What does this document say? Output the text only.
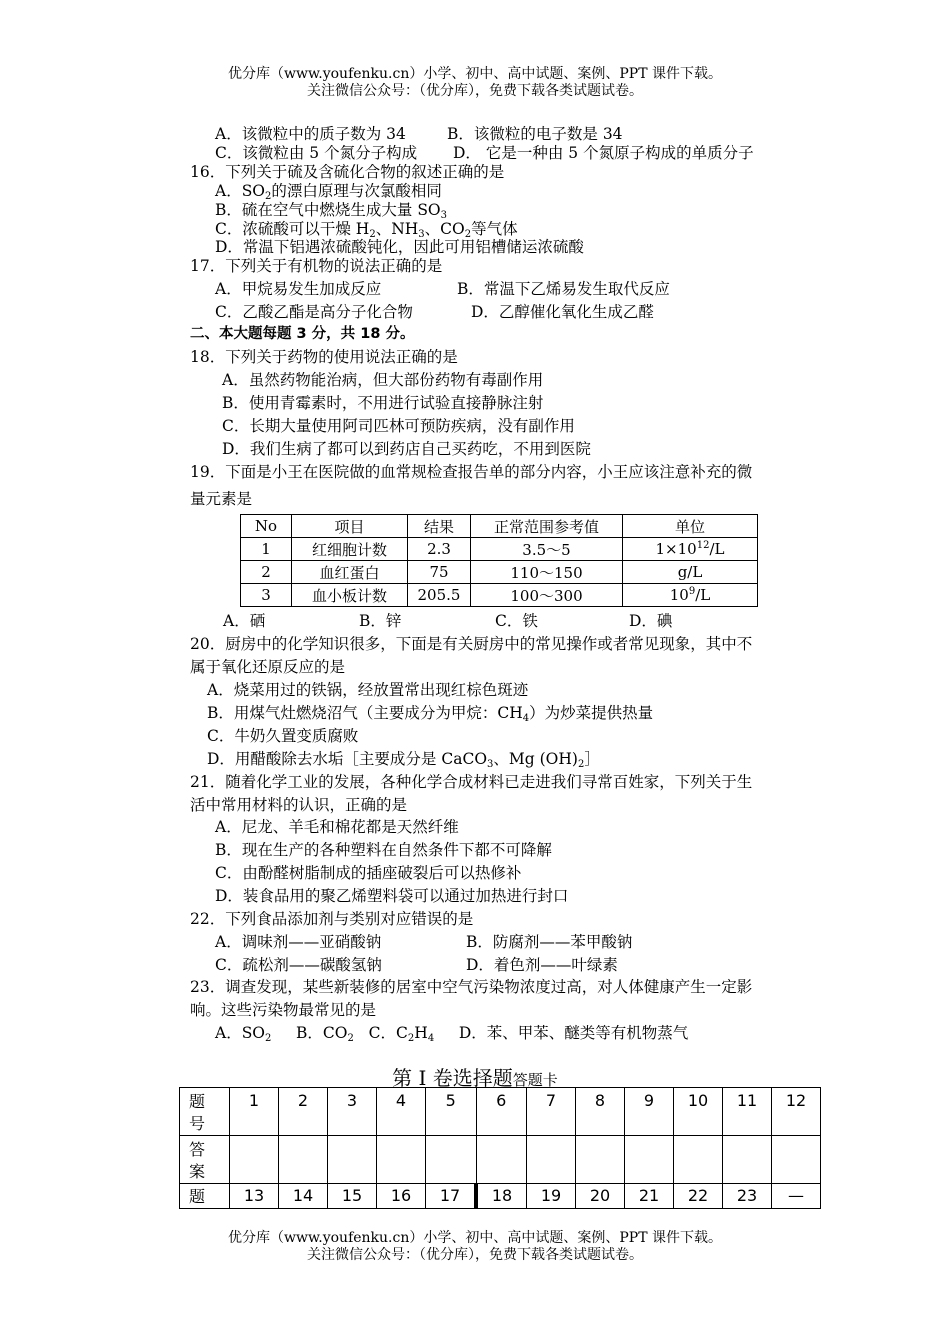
优分库（www.youfenku.cn）小学、初中、高中试题、案例、PPT 课件下载。
关注微信公众号：（优分库），免费下载各类试题试卷。
A．该微粒中的质子数为 34	B．该微粒的电子数是 34
C．该微粒由 5 个氮分子构成 D． 它是一种由 5 个氮原子构成的单质分子
16．下列关于硫及含硫化合物的叙述正确的是
A．$SO_2$的漂白原理与次氯酸相同
B．硫在空气中燃烧生成大量 $SO_3$
C．浓硫酸可以干燥 $H_2$、$NH_3$、$CO_2$等气体
D．常温下铝遇浓硫酸钝化，因此可用铝槽储运浓硫酸
17．下列关于有机物的说法正确的是
A．甲烷易发生加成反应	B．常温下乙烯易发生取代反应
C．乙酸乙酯是高分子化合物	D．乙醇催化氧化生成乙醛
二、本大题每题 3 分，共 18 分。
18．下列关于药物的使用说法正确的是
A．虽然药物能治病，但大部份药物有毒副作用
B．使用青霉素时，不用进行试验直接静脉注射
C．长期大量使用阿司匹林可预防疾病，没有副作用
D．我们生病了都可以到药店自己买药吃，不用到医院
19．下面是小王在医院做的血常规检查报告单的部分内容，小王应该注意补充的微
量元素是
No	项目	结果	正常范围参考值	单位
1	红细胞计数	2.3	3.5～5	$1\times 10^{12}/L$
2	血红蛋白	75	110～150	g/L
3	血小板计数	205.5	100～300	$10^9/L$
A．硒	B．锌	C．铁	D．碘
20．厨房中的化学知识很多，下面是有关厨房中的常见操作或者常见现象，其中不
属于氧化还原反应的是
A．烧菜用过的铁锅，经放置常出现红棕色斑迹
B．用煤气灶燃烧沼气（主要成分为甲烷：$CH_4$）为炒菜提供热量
C．牛奶久置变质腐败
D．用醋酸除去水垢［主要成分是 CaCO$_3$、Mg $(OH)_2]$
21．随着化学工业的发展，各种化学合成材料已走进我们寻常百姓家，下列关于生
活中常用材料的认识，正确的是
A．尼龙、羊毛和棉花都是天然纤维
B．现在生产的各种塑料在自然条件下都不可降解
C．由酚醛树脂制成的插座破裂后可以热修补
D．装食品用的聚乙烯塑料袋可以通过加热进行封口
22．下列食品添加剂与类别对应错误的是
A．调味剂——亚硝酸钠	B．防腐剂——苯甲酸钠
C．疏松剂——碳酸氢钠	D．着色剂——叶绿素
23．调查发现，某些新装修的居室中空气污染物浓度过高，对人体健康产生一定影
响。这些污染物最常见的是
A．$SO_2$ B．$CO_2$ C．$C_2H_4$ D．苯、甲苯、醚类等有机物蒸气
第 I 卷选择题答题卡
题
号	1	2	3	4	5	6	7	8	9	10	11	12

答
案												

题	13	14	15	16	17	18	19	20	21	22	23	—
优分库（www.youfenku.cn）小学、初中、高中试题、案例、PPT 课件下载。
关注微信公众号：（优分库），免费下载各类试题试卷。
